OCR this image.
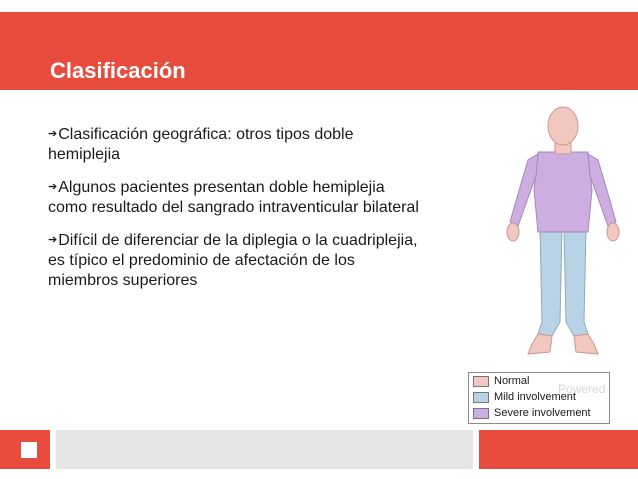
Clasificación
➔Clasificación geográfica: otros tipos doble hemiplejia
➔Algunos pacientes presentan doble hemiplejia como resultado del sangrado intraventicular bilateral
➔Difícil de diferenciar de la diplegia o la cuadriplejia, es típico el predominio de afectación de los miembros superiores
Normal
Mild involvement
Severe involvement
Powered
